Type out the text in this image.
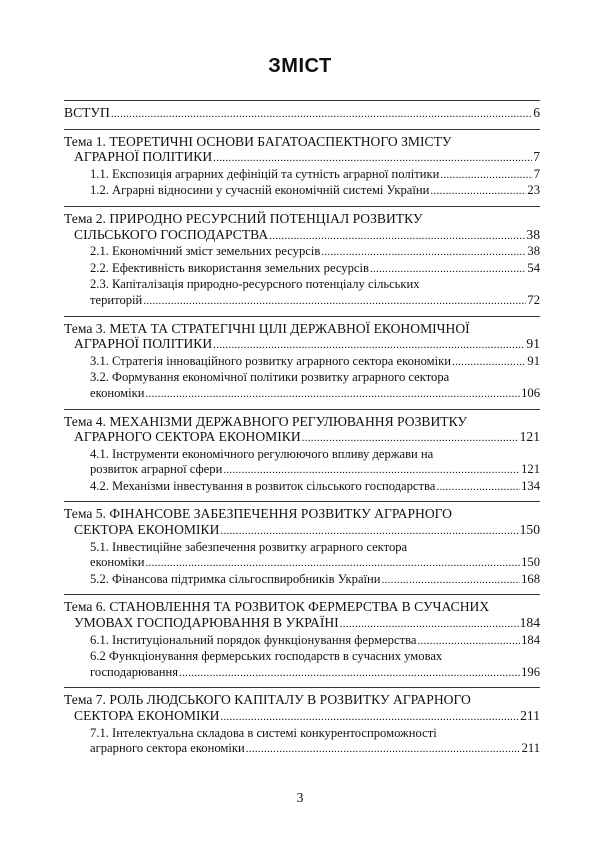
ЗМІСТ
ВСТУП .....	6
Тема 1. ТЕОРЕТИЧНІ ОСНОВИ БАГАТОАСПЕКТНОГО ЗМІСТУ
АГРАРНОЇ ПОЛІТИКИ .....	7
1.1. Експозиція аграрних дефініцій та сутність аграрної політики .....	7
1.2. Аграрні відносини у сучасній економічній системі України .....	23
Тема 2. ПРИРОДНО РЕСУРСНИЙ ПОТЕНЦІАЛ РОЗВИТКУ
СІЛЬСЬКОГО ГОСПОДАРСТВА .....	38
2.1. Економічний зміст земельних ресурсів .....	38
2.2. Ефективність використання земельних ресурсів .....	54
2.3. Капіталізація природно-ресурсного потенціалу сільських
територій .....	72
Тема 3. МЕТА ТА СТРАТЕГІЧНІ ЦІЛІ ДЕРЖАВНОЇ ЕКОНОМІЧНОЇ
АГРАРНОЇ ПОЛІТИКИ .....	91
3.1. Стратегія інноваційного розвитку аграрного сектора економіки .....	91
3.2. Формування економічної політики розвитку аграрного сектора
економіки .....	106
Тема 4. МЕХАНІЗМИ ДЕРЖАВНОГО РЕГУЛЮВАННЯ РОЗВИТКУ
АГРАРНОГО СЕКТОРА ЕКОНОМІКИ .....	121
4.1. Інструменти економічного регулюючого впливу держави на
розвиток аграрної сфери .....	121
4.2. Механізми інвестування в розвиток сільського господарства .....	134
Тема 5. ФІНАНСОВЕ ЗАБЕЗПЕЧЕННЯ РОЗВИТКУ АГРАРНОГО
СЕКТОРА ЕКОНОМІКИ .....	150
5.1. Інвестиційне забезпечення розвитку аграрного сектора
економіки .....	150
5.2. Фінансова підтримка сільгоспвиробників України .....	168
Тема 6. СТАНОВЛЕННЯ ТА РОЗВИТОК ФЕРМЕРСТВА В СУЧАСНИХ
УМОВАХ ГОСПОДАРЮВАННЯ В УКРАЇНІ .....	184
6.1. Інституціональний порядок функціонування фермерства .....	184
6.2 Функціонування фермерських господарств в сучасних умовах
господарювання .....	196
Тема 7. РОЛЬ ЛЮДСЬКОГО КАПІТАЛУ В РОЗВИТКУ АГРАРНОГО
СЕКТОРА ЕКОНОМІКИ .....	211
7.1. Інтелектуальна складова в системі конкурентоспроможності
аграрного сектора економіки .....	211
3
